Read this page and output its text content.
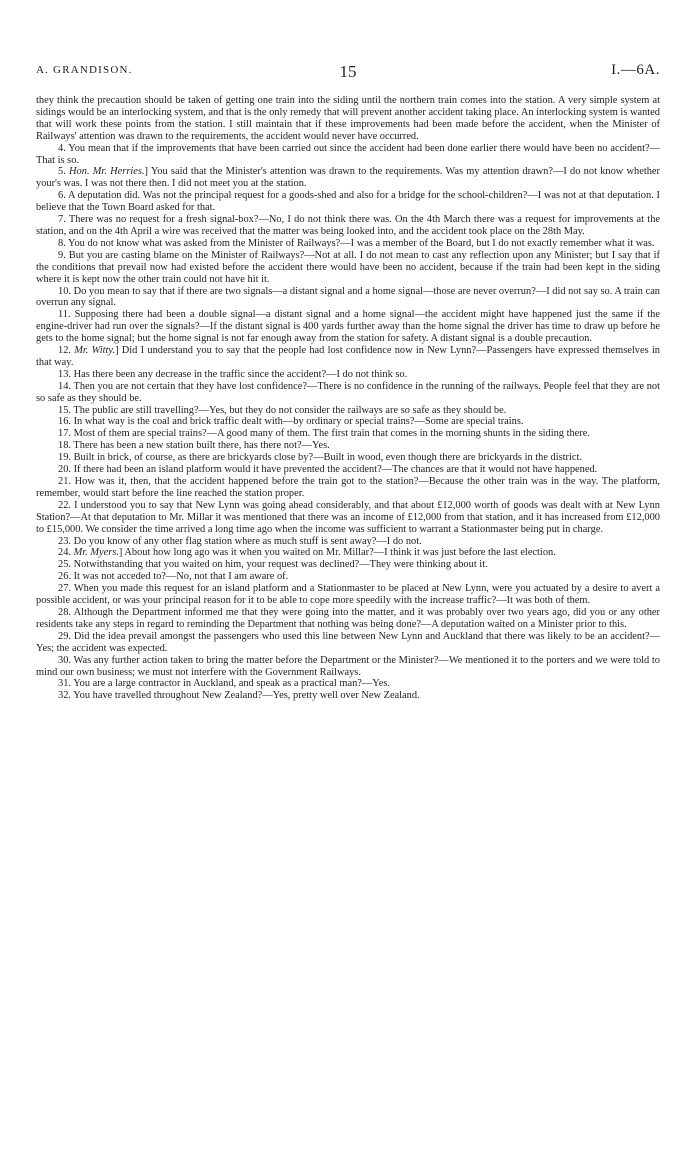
A. GRANDISON.	15	I.—6A.

they think the precaution should be taken of getting one train into the siding until the northern train comes into the station. A very simple system at sidings would be an interlocking system, and that is the only remedy that will prevent another accident taking place. An interlocking system is wanted that will work these points from the station. I still maintain that if these improvements had been made before the accident, when the Minister of Railways' attention was drawn to the requirements, the accident would never have occurred.

4. You mean that if the improvements that have been carried out since the accident had been done earlier there would have been no accident?—That is so.

5. Hon. Mr. Herries.] You said that the Minister's attention was drawn to the requirements. Was my attention drawn?—I do not know whether your's was. I was not there then. I did not meet you at the station.

6. A deputation did. Was not the principal request for a goods-shed and also for a bridge for the school-children?—I was not at that deputation. I believe that the Town Board asked for that.

7. There was no request for a fresh signal-box?—No, I do not think there was. On the 4th March there was a request for improvements at the station, and on the 4th April a wire was received that the matter was being looked into, and the accident took place on the 28th May.

8. You do not know what was asked from the Minister of Railways?—I was a member of the Board, but I do not exactly remember what it was.

9. But you are casting blame on the Minister of Railways?—Not at all. I do not mean to cast any reflection upon any Minister; but I say that if the conditions that prevail now had existed before the accident there would have been no accident, because if the train had been kept in the siding where it is kept now the other train could not have hit it.

10. Do you mean to say that if there are two signals—a distant signal and a home signal—those are never overrun?—I did not say so. A train can overrun any signal.

11. Supposing there had been a double signal—a distant signal and a home signal—the accident might have happened just the same if the engine-driver had run over the signals?—If the distant signal is 400 yards further away than the home signal the driver has time to draw up before he gets to the home signal; but the home signal is not far enough away from the station for safety. A distant signal is a double precaution.

12. Mr. Witty.] Did I understand you to say that the people had lost confidence now in New Lynn?—Passengers have expressed themselves in that way.

13. Has there been any decrease in the traffic since the accident?—I do not think so.

14. Then you are not certain that they have lost confidence?—There is no confidence in the running of the railways. People feel that they are not so safe as they should be.

15. The public are still travelling?—Yes, but they do not consider the railways are so safe as they should be.

16. In what way is the coal and brick traffic dealt with—by ordinary or special trains?—Some are special trains.

17. Most of them are special trains?—A good many of them. The first train that comes in the morning shunts in the siding there.

18. There has been a new station built there, has there not?—Yes.

19. Built in brick, of course, as there are brickyards close by?—Built in wood, even though there are brickyards in the district.

20. If there had been an island platform would it have prevented the accident?—The chances are that it would not have happened.

21. How was it, then, that the accident happened before the train got to the station?—Because the other train was in the way. The platform, remember, would start before the line reached the station proper.

22. I understood you to say that New Lynn was going ahead considerably, and that about £12,000 worth of goods was dealt with at New Lynn Station?—At that deputation to Mr. Millar it was mentioned that there was an income of £12,000 from that station, and it has increased from £12,000 to £15,000. We consider the time arrived a long time ago when the income was sufficient to warrant a Stationmaster being put in charge.

23. Do you know of any other flag station where as much stuff is sent away?—I do not.

24. Mr. Myers.] About how long ago was it when you waited on Mr. Millar?—I think it was just before the last election.

25. Notwithstanding that you waited on him, your request was declined?—They were thinking about it.

26. It was not acceded to?—No, not that I am aware of.

27. When you made this request for an island platform and a Stationmaster to be placed at New Lynn, were you actuated by a desire to avert a possible accident, or was your principal reason for it to be able to cope more speedily with the increase traffic?—It was both of them.

28. Although the Department informed me that they were going into the matter, and it was probably over two years ago, did you or any other residents take any steps in regard to reminding the Department that nothing was being done?—A deputation waited on a Minister prior to this.

29. Did the idea prevail amongst the passengers who used this line between New Lynn and Auckland that there was likely to be an accident?—Yes; the accident was expected.

30. Was any further action taken to bring the matter before the Department or the Minister?—We mentioned it to the porters and we were told to mind our own business; we must not interfere with the Government Railways.

31. You are a large contractor in Auckland, and speak as a practical man?—Yes.

32. You have travelled throughout New Zealand?—Yes, pretty well over New Zealand.
